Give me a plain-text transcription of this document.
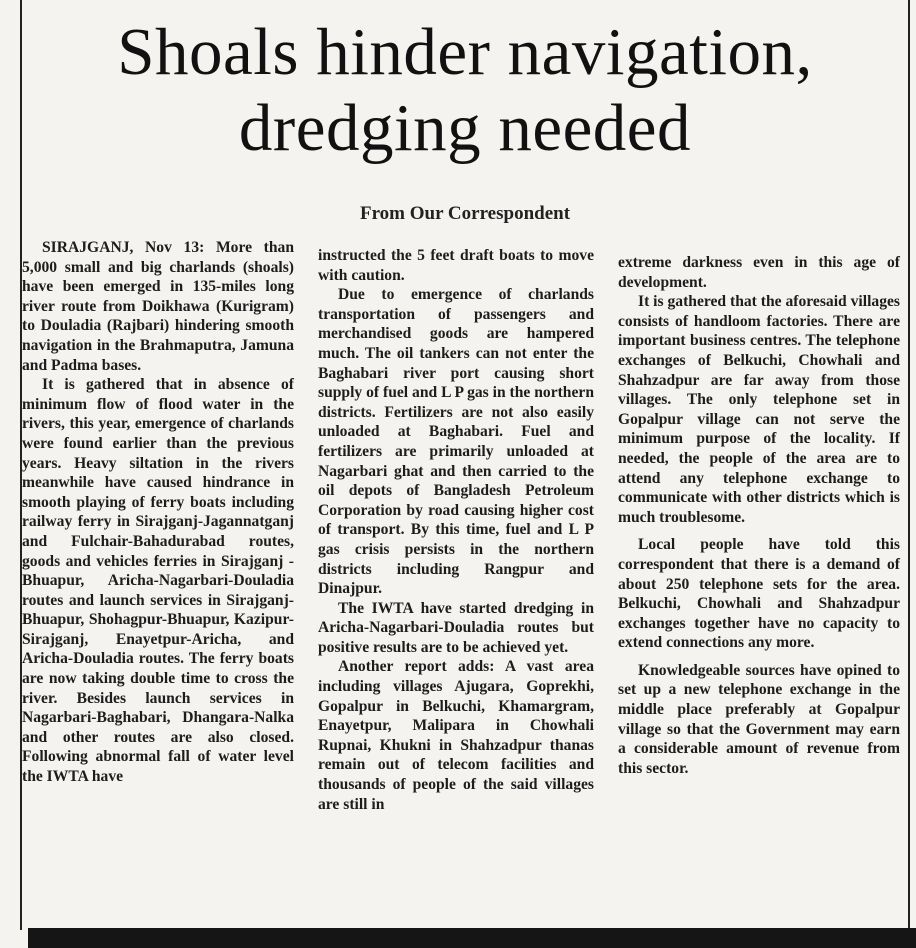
Shoals hinder navigation, dredging needed
From Our Correspondent

SIRAJGANJ, Nov 13: More than 5,000 small and big charlands (shoals) have been emerged in 135-miles long river route from Doikhawa (Kurigram) to Douladia (Rajbari) hindering smooth navigation in the Brahmaputra, Jamuna and Padma bases.

It is gathered that in absence of minimum flow of flood water in the rivers, this year, emergence of charlands were found earlier than the previous years. Heavy siltation in the rivers meanwhile have caused hindrance in smooth playing of ferry boats including railway ferry in Sirajganj-Jagannatganj and Fulchair-Bahadurabad routes, goods and vehicles ferries in Sirajganj - Bhuapur, Aricha-Nagarbari-Douladia routes and launch services in Sirajganj-Bhuapur, Shohagpur-Bhuapur, Kazipur-Sirajganj, Enayetpur-Aricha, and Aricha-Douladia routes. The ferry boats are now taking double time to cross the river. Besides launch services in Nagarbari-Baghabari, Dhangara-Nalka and other routes are also closed. Following abnormal fall of water level the IWTA have

instructed the 5 feet draft boats to move with caution.

Due to emergence of charlands transportation of passengers and merchandised goods are hampered much. The oil tankers can not enter the Baghabari river port causing short supply of fuel and L P gas in the northern districts. Fertilizers are not also easily unloaded at Baghabari. Fuel and fertilizers are primarily unloaded at Nagarbari ghat and then carried to the oil depots of Bangladesh Petroleum Corporation by road causing higher cost of transport. By this time, fuel and L P gas crisis persists in the northern districts including Rangpur and Dinajpur.

The IWTA have started dredging in Aricha-Nagarbari-Douladia routes but positive results are to be achieved yet.

Another report adds: A vast area including villages Ajugara, Goprekhi, Gopalpur in Belkuchi, Khamargram, Enayetpur, Malipara in Chowhali Rupnai, Khukni in Shahzadpur thanas remain out of telecom facilities and thousands of people of the said villages are still in

extreme darkness even in this age of development.

It is gathered that the aforesaid villages consists of handloom factories. There are important business centres. The telephone exchanges of Belkuchi, Chowhali and Shahzadpur are far away from those villages. The only telephone set in Gopalpur village can not serve the minimum purpose of the locality. If needed, the people of the area are to attend any telephone exchange to communicate with other districts which is much troublesome.

Local people have told this correspondent that there is a demand of about 250 telephone sets for the area. Belkuchi, Chowhali and Shahzadpur exchanges together have no capacity to extend connections any more.

Knowledgeable sources have opined to set up a new telephone exchange in the middle place preferably at Gopalpur village so that the Government may earn a considerable amount of revenue from this sector.
